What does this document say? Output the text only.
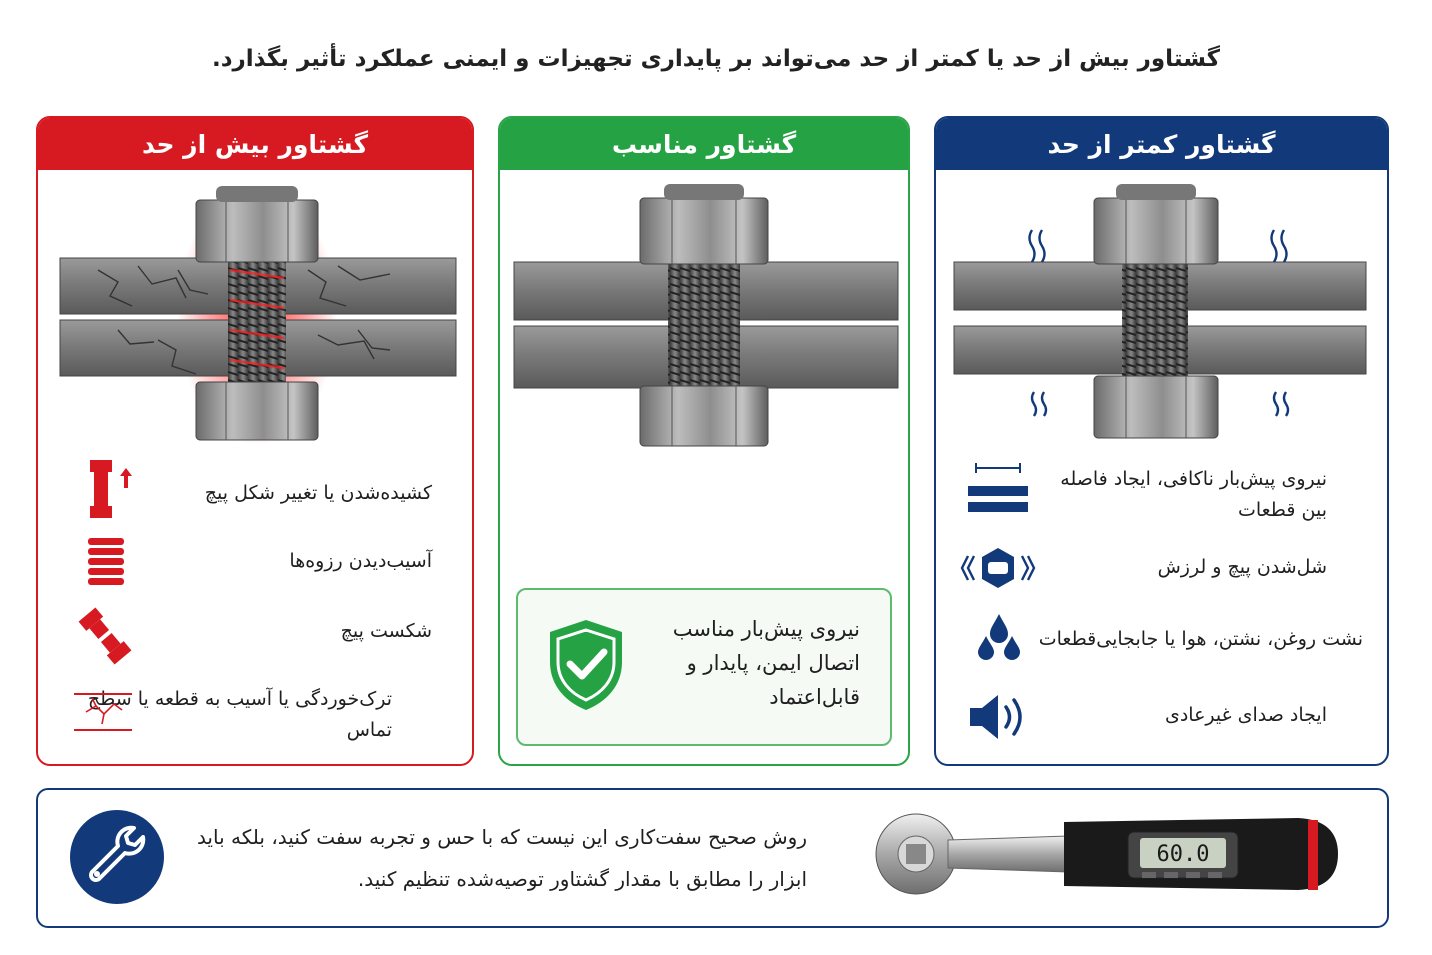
گشتاور بیش از حد یا کمتر از حد می‌تواند بر پایداری تجهیزات و ایمنی عملکرد تأثیر بگذارد.
گشتاور بیش از حد
کشیده‌شدن یا تغییر شکل پیچ
آسیب‌دیدن رزوه‌ها
شکست پیچ
ترک‌خوردگی یا آسیب به قطعه یا سطح تماس
گشتاور مناسب
نیروی پیش‌بار مناسب اتصال ایمن، پایدار و قابل‌اعتماد
گشتاور کمتر از حد
نیروی پیش‌بار ناکافی، ایجاد فاصله بین قطعات
شل‌شدن پیچ و لرزش
نشت روغن، نشتن، هوا یا جابجایی‌قطعات
ایجاد صدای غیرعادی
روش صحیح سفت‌کاری این نیست که با حس و تجربه سفت کنید، بلکه باید ابزار را مطابق با مقدار گشتاور توصیه‌شده تنظیم کنید.
60.0
